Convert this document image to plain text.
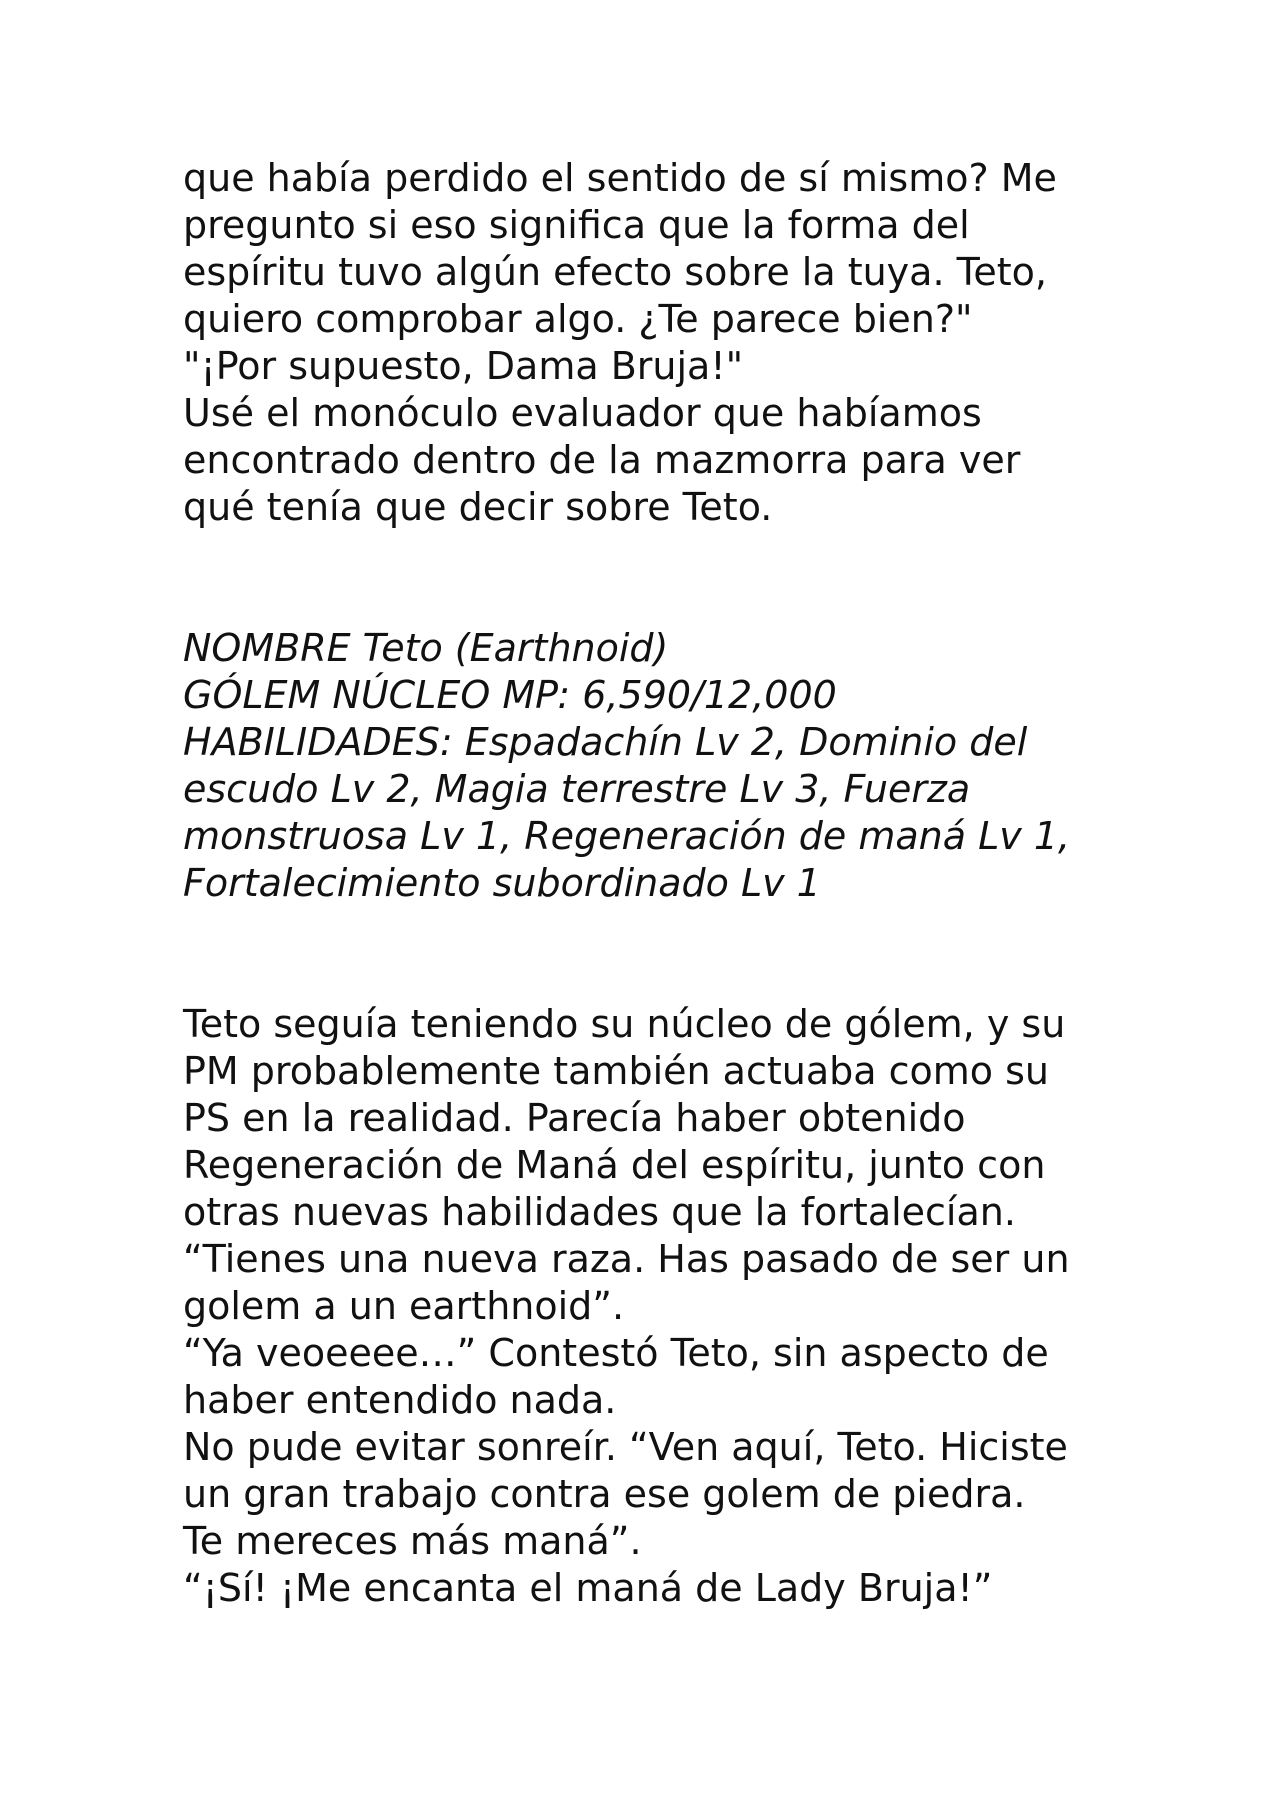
que había perdido el sentido de sí mismo? Me
pregunto si eso significa que la forma del
espíritu tuvo algún efecto sobre la tuya. Teto,
quiero comprobar algo. ¿Te parece bien?"
"¡Por supuesto, Dama Bruja!"
Usé el monóculo evaluador que habíamos
encontrado dentro de la mazmorra para ver
qué tenía que decir sobre Teto.
NOMBRE Teto (Earthnoid)
GÓLEM NÚCLEO MP: 6,590/12,000
HABILIDADES: Espadachín Lv 2, Dominio del
escudo Lv 2, Magia terrestre Lv 3, Fuerza
monstruosa Lv 1, Regeneración de maná Lv 1,
Fortalecimiento subordinado Lv 1
Teto seguía teniendo su núcleo de gólem, y su
PM probablemente también actuaba como su
PS en la realidad. Parecía haber obtenido
Regeneración de Maná del espíritu, junto con
otras nuevas habilidades que la fortalecían.
“Tienes una nueva raza. Has pasado de ser un
golem a un earthnoid”.
“Ya veoeeee…” Contestó Teto, sin aspecto de
haber entendido nada.
No pude evitar sonreír. “Ven aquí, Teto. Hiciste
un gran trabajo contra ese golem de piedra.
Te mereces más maná”.
“¡Sí! ¡Me encanta el maná de Lady Bruja!”
